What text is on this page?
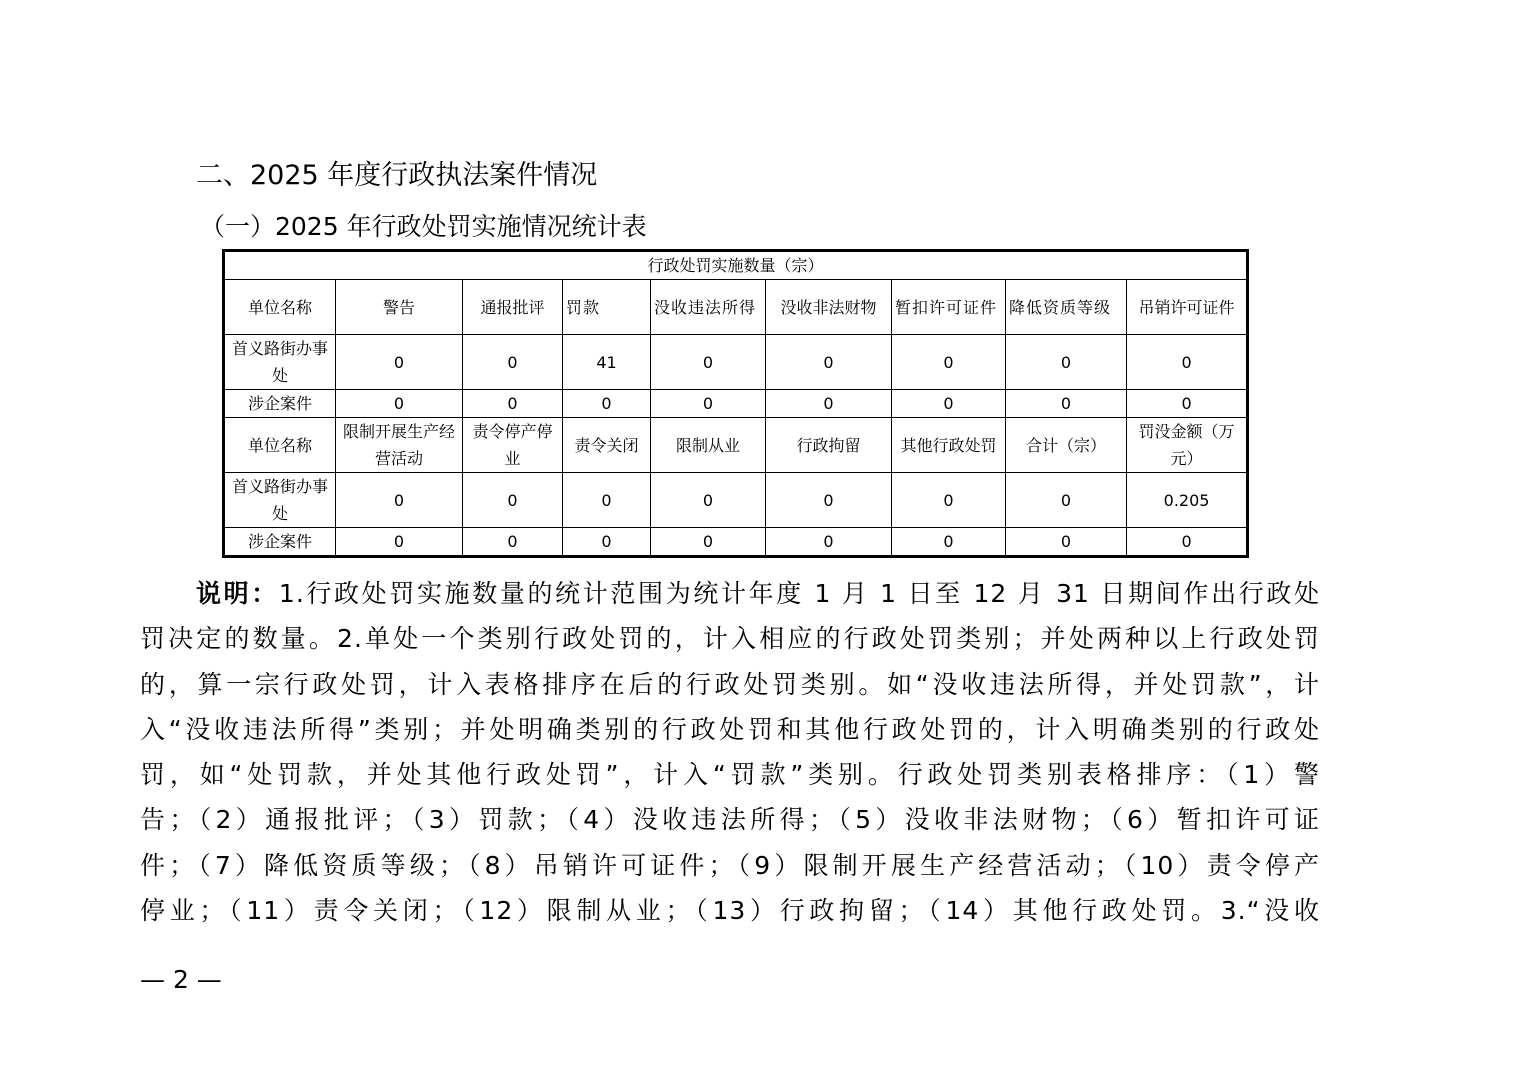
二、2025 年度行政执法案件情况
（一）2025 年行政处罚实施情况统计表
行政处罚实施数量（宗）								
单位名称	警告	通报批评	罚款	没收违法所得	没收非法财物	暂扣许可证件	降低资质等级	吊销许可证件
首义路街办事处	0	0	41	0	0	0	0	0
涉企案件	0	0	0	0	0	0	0	0
单位名称	限制开展生产经营活动	责令停产停业	责令关闭	限制从业	行政拘留	其他行政处罚	合计（宗）	罚没金额（万元）
首义路街办事处	0	0	0	0	0	0	0	0.205
涉企案件	0	0	0	0	0	0	0	0
说明：1.行政处罚实施数量的统计范围为统计年度 1 月 1 日至 12 月 31 日期间作出行政处
罚决定的数量。2.单处一个类别行政处罚的，计入相应的行政处罚类别；并处两种以上行政处罚
的，算一宗行政处罚，计入表格排序在后的行政处罚类别。如“没收违法所得，并处罚款”，计
入“没收违法所得”类别；并处明确类别的行政处罚和其他行政处罚的，计入明确类别的行政处
罚，如“处罚款，并处其他行政处罚”，计入“罚款”类别。行政处罚类别表格排序：（1）警
告；（2）通报批评；（3）罚款；（4）没收违法所得；（5）没收非法财物；（6）暂扣许可证
件；（7）降低资质等级；（8）吊销许可证件；（9）限制开展生产经营活动；（10）责令停产
停业；（11）责令关闭；（12）限制从业；（13）行政拘留；（14）其他行政处罚。3.“没收
— 2 —
